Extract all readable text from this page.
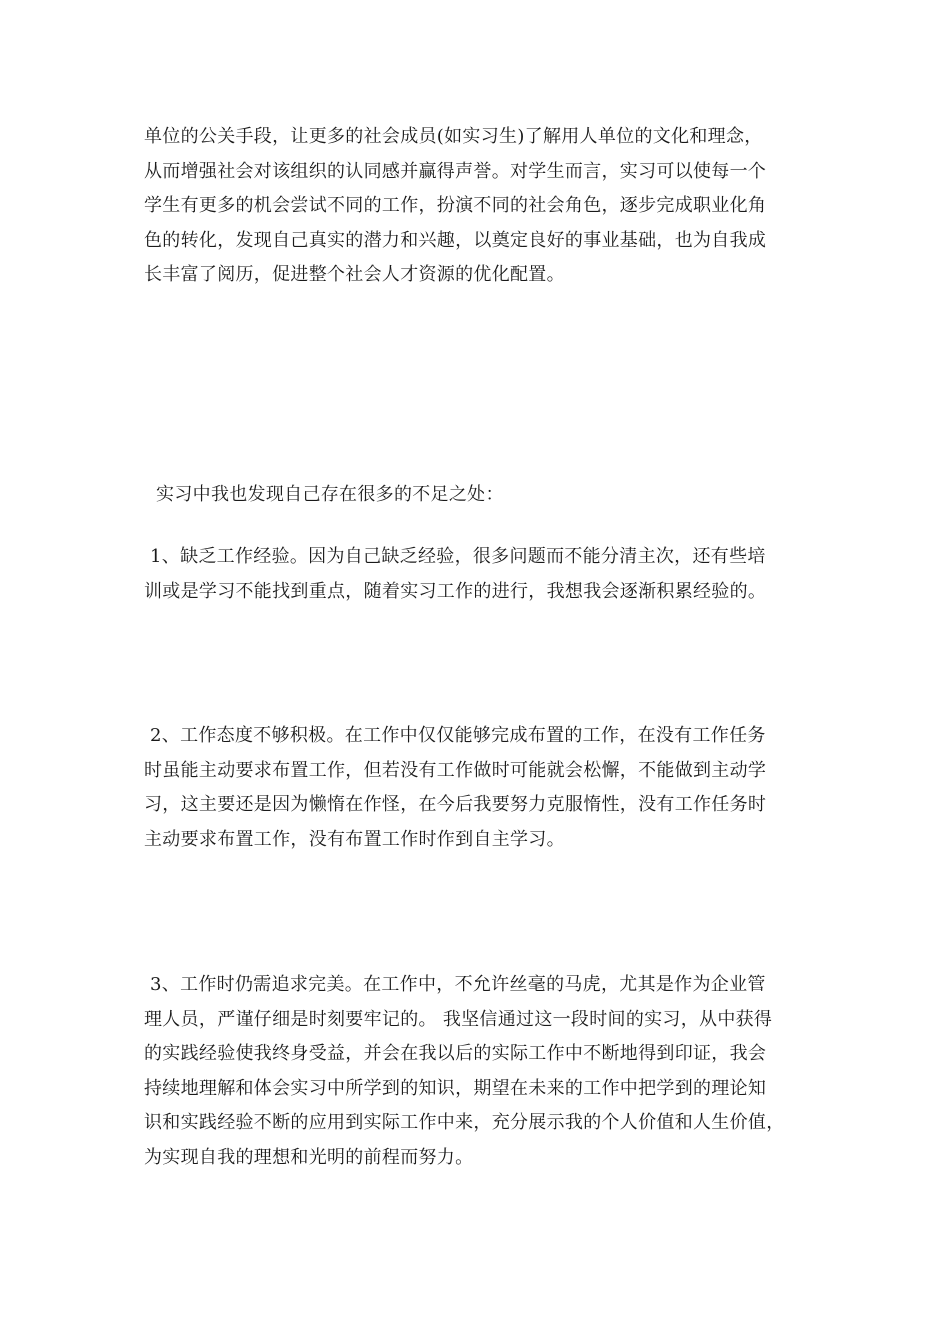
单位的公关手段，让更多的社会成员(如实习生)了解用人单位的文化和理念，
从而增强社会对该组织的认同感并赢得声誉。对学生而言，实习可以使每一个
学生有更多的机会尝试不同的工作，扮演不同的社会角色，逐步完成职业化角
色的转化，发现自己真实的潜力和兴趣，以奠定良好的事业基础，也为自我成
长丰富了阅历，促进整个社会人才资源的优化配置。

实习中我也发现自己存在很多的不足之处：

1、缺乏工作经验。因为自己缺乏经验，很多问题而不能分清主次，还有些培
训或是学习不能找到重点，随着实习工作的进行，我想我会逐渐积累经验的。

2、工作态度不够积极。在工作中仅仅能够完成布置的工作，在没有工作任务
时虽能主动要求布置工作，但若没有工作做时可能就会松懈，不能做到主动学
习，这主要还是因为懒惰在作怪，在今后我要努力克服惰性，没有工作任务时
主动要求布置工作，没有布置工作时作到自主学习。

3、工作时仍需追求完美。在工作中，不允许丝毫的马虎，尤其是作为企业管
理人员，严谨仔细是时刻要牢记的。 我坚信通过这一段时间的实习，从中获得
的实践经验使我终身受益，并会在我以后的实际工作中不断地得到印证，我会
持续地理解和体会实习中所学到的知识，期望在未来的工作中把学到的理论知
识和实践经验不断的应用到实际工作中来，充分展示我的个人价值和人生价值，
为实现自我的理想和光明的前程而努力。
